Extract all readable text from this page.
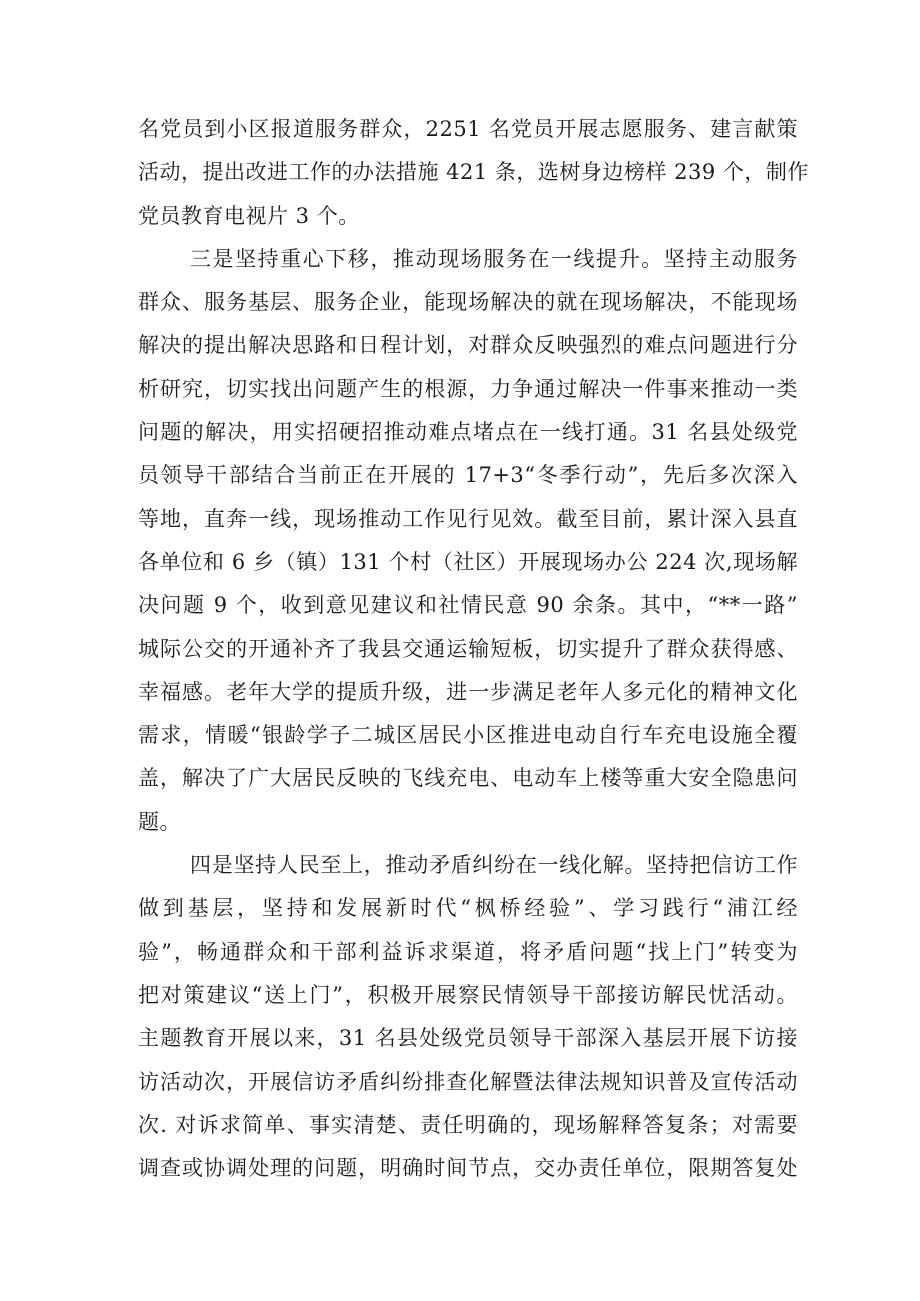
名党员到小区报道服务群众，2251 名党员开展志愿服务、建言献策
活动，提出改进工作的办法措施 421 条，选树身边榜样 239 个，制作
党员教育电视片 3 个。
三是坚持重心下移，推动现场服务在一线提升。坚持主动服务
群众、服务基层、服务企业，能现场解决的就在现场解决，不能现场
解决的提出解决思路和日程计划，对群众反映强烈的难点问题进行分
析研究，切实找出问题产生的根源，力争通过解决一件事来推动一类
问题的解决，用实招硬招推动难点堵点在一线打通。31 名县处级党
员领导干部结合当前正在开展的 17+3“冬季行动”，先后多次深入
等地，直奔一线，现场推动工作见行见效。截至目前，累计深入县直
各单位和 6 乡（镇）131 个村（社区）开展现场办公 224 次,现场解
决问题 9 个，收到意见建议和社情民意 90 余条。其中，“**一路”
城际公交的开通补齐了我县交通运输短板，切实提升了群众获得感、
幸福感。老年大学的提质升级，进一步满足老年人多元化的精神文化
需求，情暖“银龄学子二城区居民小区推进电动自行车充电设施全覆
盖，解决了广大居民反映的飞线充电、电动车上楼等重大安全隐患问
题。
四是坚持人民至上，推动矛盾纠纷在一线化解。坚持把信访工作
做到基层，坚持和发展新时代“枫桥经验”、学习践行“浦江经
验”，畅通群众和干部利益诉求渠道，将矛盾问题“找上门”转变为
把对策建议“送上门”，积极开展察民情领导干部接访解民忧活动。
主题教育开展以来，31 名县处级党员领导干部深入基层开展下访接
访活动次，开展信访矛盾纠纷排查化解暨法律法规知识普及宣传活动
次. 对诉求简单、事实清楚、责任明确的，现场解释答复条；对需要
调查或协调处理的问题，明确时间节点，交办责任单位，限期答复处
